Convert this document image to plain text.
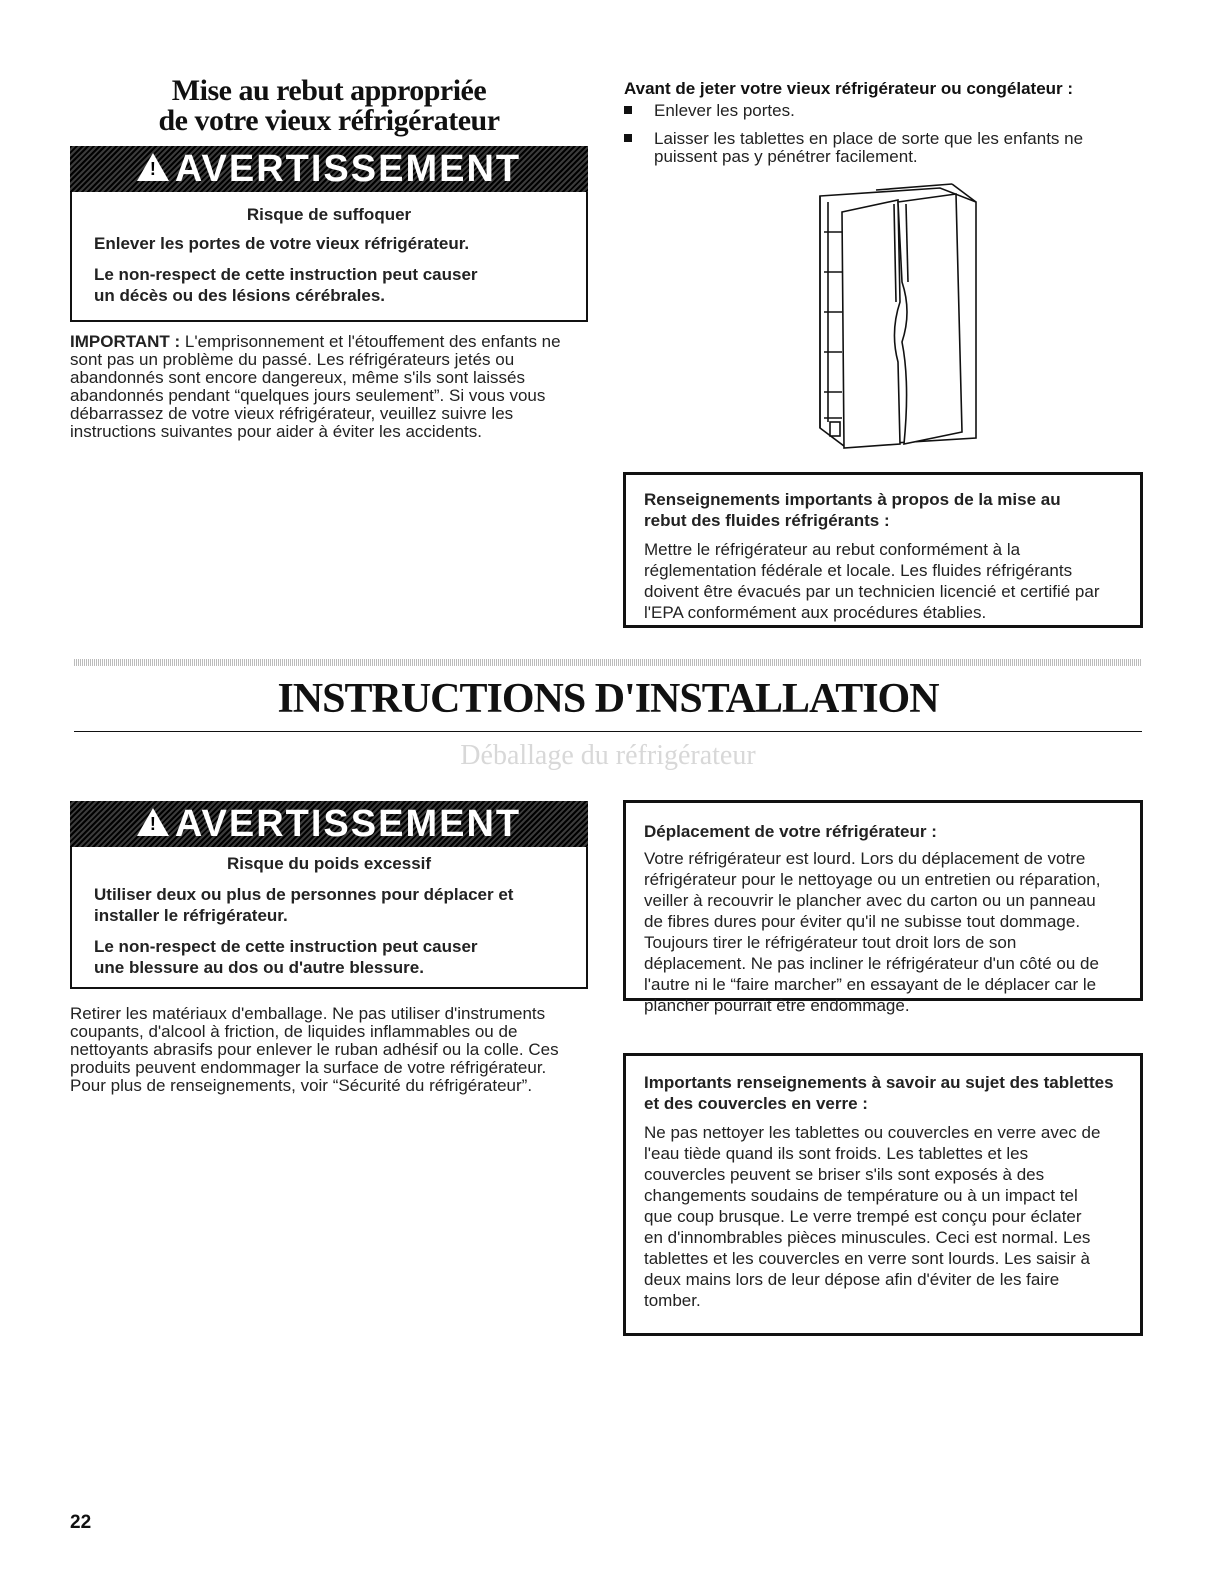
Mise au rebut appropriée
de votre vieux réfrigérateur
! AVERTISSEMENT

Risque de suffoquer

Enlever les portes de votre vieux réfrigérateur.

Le non-respect de cette instruction peut causer

un décès ou des lésions cérébrales.

IMPORTANT : L'emprisonnement et l'étouffement des enfants ne
sont pas un problème du passé. Les réfrigérateurs jetés ou
abandonnés sont encore dangereux, même s'ils sont laissés
abandonnés pendant “quelques jours seulement”. Si vous vous
débarrassez de votre vieux réfrigérateur, veuillez suivre les
instructions suivantes pour aider à éviter les accidents.
Avant de jeter votre vieux réfrigérateur ou congélateur :
Enlever les portes.
Laisser les tablettes en place de sorte que les enfants ne
puissent pas y pénétrer facilement.
Renseignements importants à propos de la mise au
rebut des fluides réfrigérants :
Mettre le réfrigérateur au rebut conformément à la
réglementation fédérale et locale. Les fluides réfrigérants
doivent être évacués par un technicien licencié et certifié par
l'EPA conformément aux procédures établies.
INSTRUCTIONS D'INSTALLATION
Déballage du réfrigérateur
! AVERTISSEMENT

Risque du poids excessif

Utiliser deux ou plus de personnes pour déplacer et

installer le réfrigérateur.

Le non-respect de cette instruction peut causer

une blessure au dos ou d'autre blessure.

Retirer les matériaux d'emballage. Ne pas utiliser d'instruments
coupants, d'alcool à friction, de liquides inflammables ou de
nettoyants abrasifs pour enlever le ruban adhésif ou la colle. Ces
produits peuvent endommager la surface de votre réfrigérateur.
Pour plus de renseignements, voir “Sécurité du réfrigérateur”.
Déplacement de votre réfrigérateur :
Votre réfrigérateur est lourd. Lors du déplacement de votre
réfrigérateur pour le nettoyage ou un entretien ou réparation,
veiller à recouvrir le plancher avec du carton ou un panneau
de fibres dures pour éviter qu'il ne subisse tout dommage.
Toujours tirer le réfrigérateur tout droit lors de son
déplacement. Ne pas incliner le réfrigérateur d'un côté ou de
l'autre ni le “faire marcher” en essayant de le déplacer car le
plancher pourrait être endommagé.
Importants renseignements à savoir au sujet des tablettes
et des couvercles en verre :
Ne pas nettoyer les tablettes ou couvercles en verre avec de
l'eau tiède quand ils sont froids. Les tablettes et les
couvercles peuvent se briser s'ils sont exposés à des
changements soudains de température ou à un impact tel
que coup brusque. Le verre trempé est conçu pour éclater
en d'innombrables pièces minuscules. Ceci est normal. Les
tablettes et les couvercles en verre sont lourds. Les saisir à
deux mains lors de leur dépose afin d'éviter de les faire
tomber.
22
